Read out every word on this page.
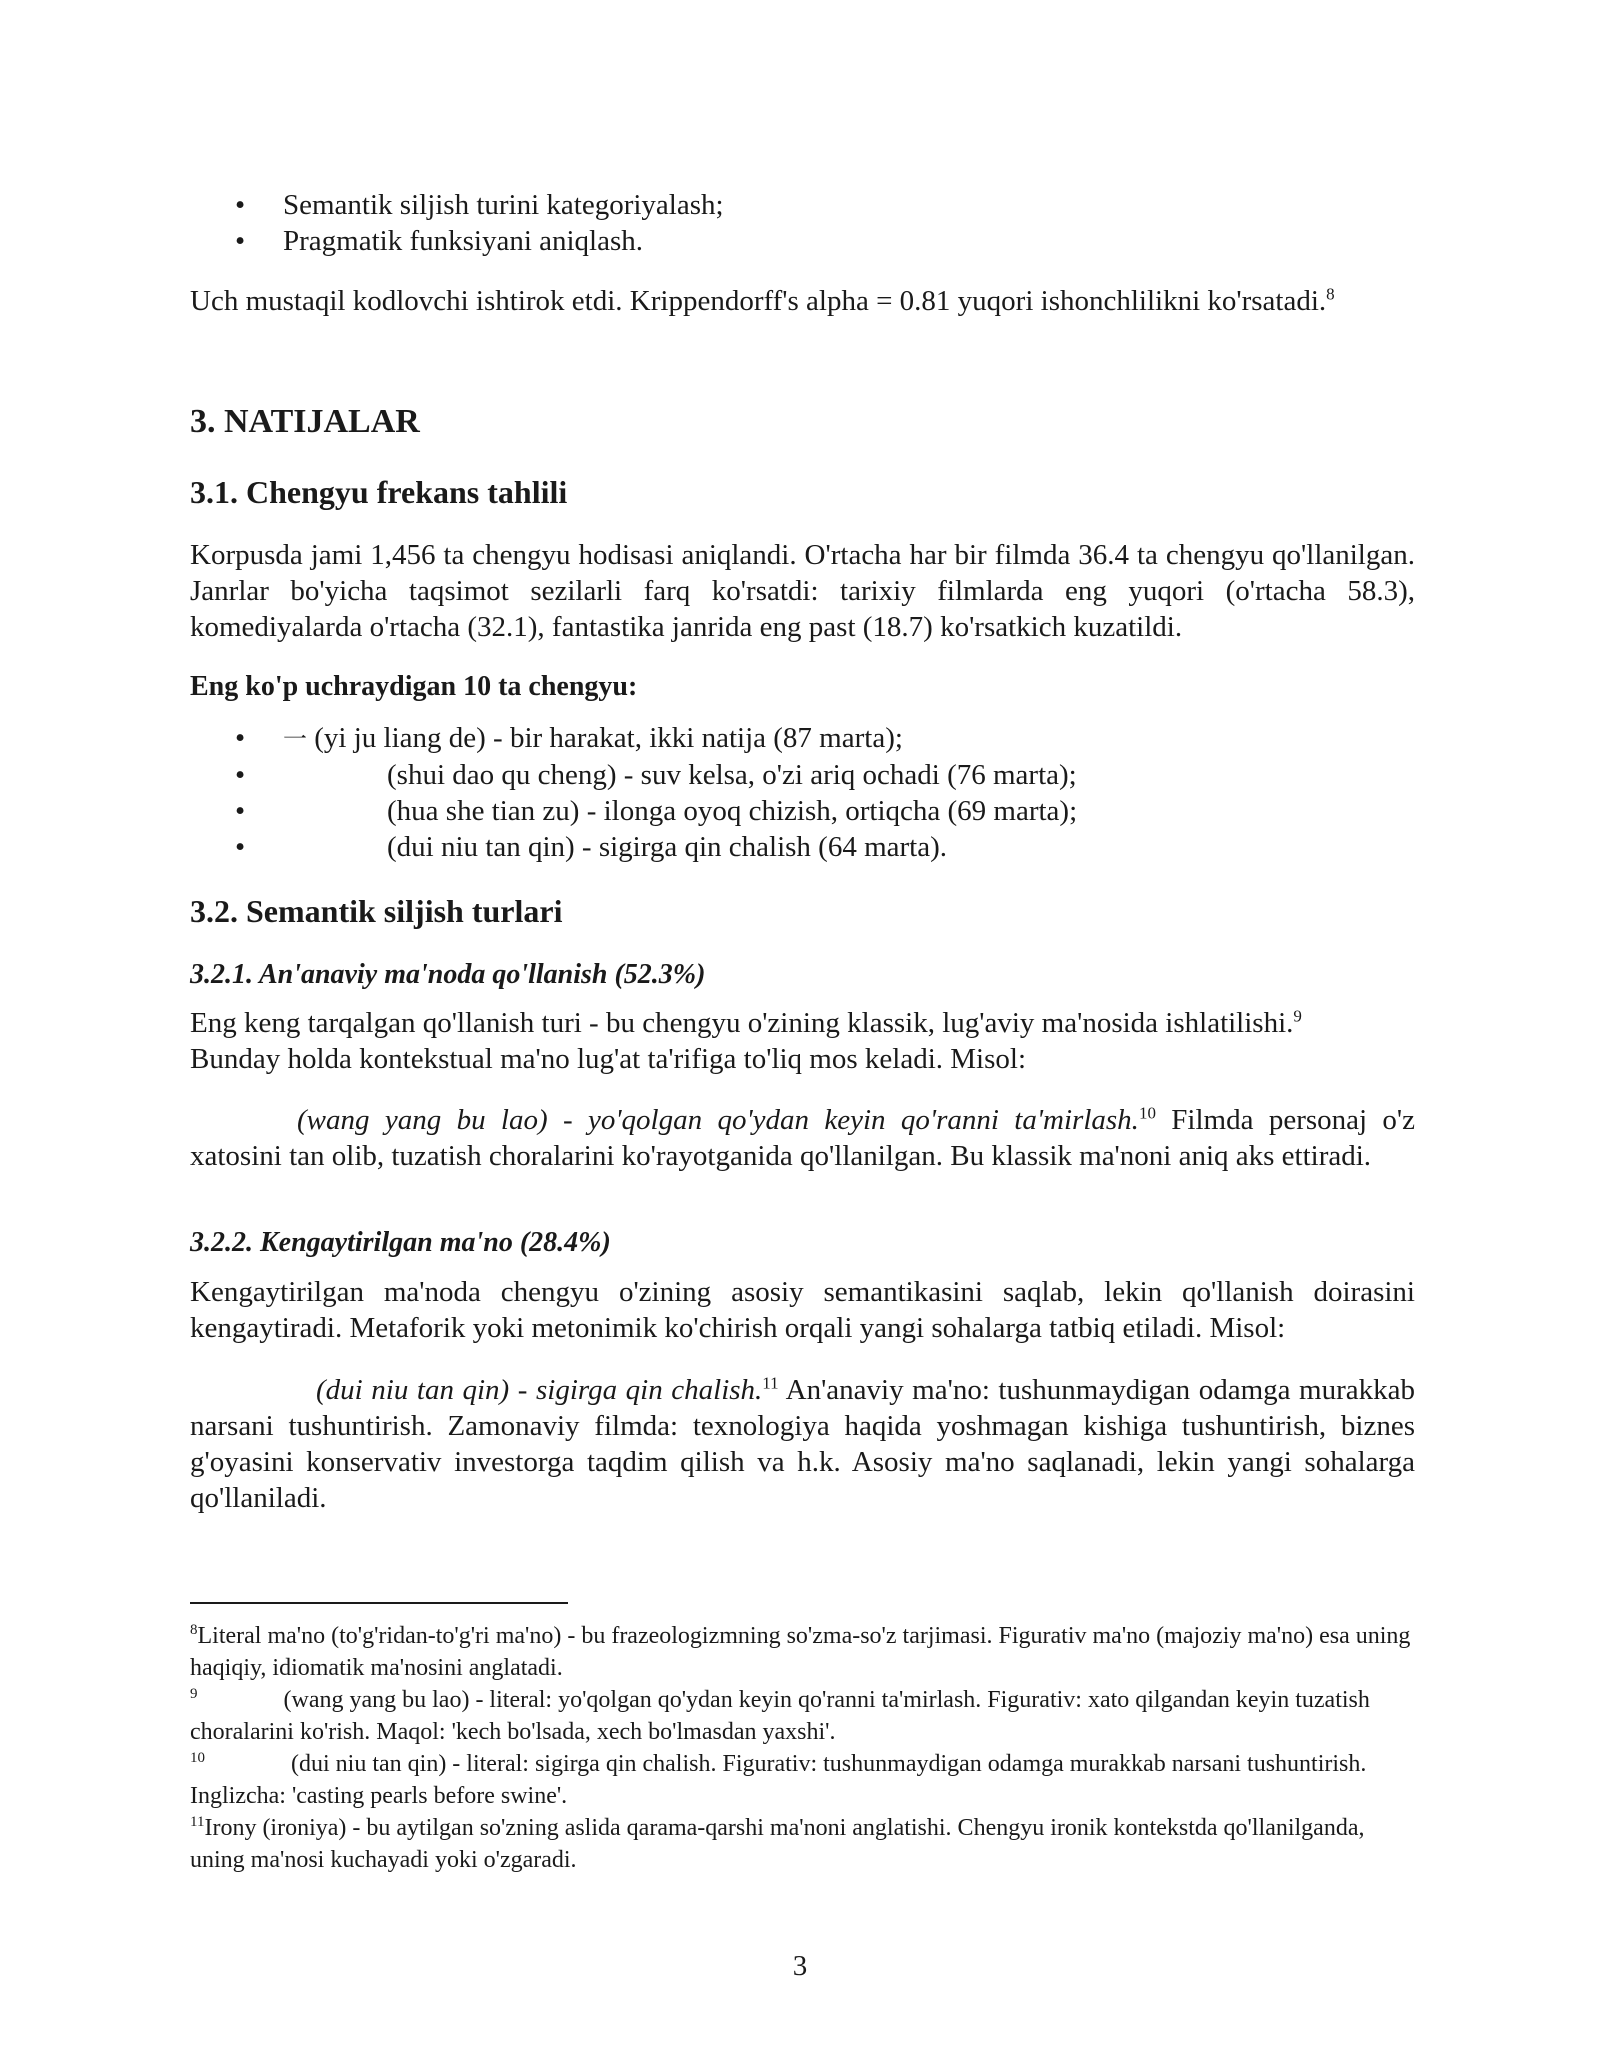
• Semantik siljish turini kategoriyalash;
• Pragmatik funksiyani aniqlash.

Uch mustaqil kodlovchi ishtirok etdi. Krippendorff's alpha = 0.81 yuqori ishonchlilikni ko'rsatadi.$^8$

3. NATIJALAR
3.1. Chengyu frekans tahlili

Korpusda jami 1,456 ta chengyu hodisasi aniqlandi. O'rtacha har bir filmda 36.4 ta chengyu qo'llanilgan. Janrlar bo'yicha taqsimot sezilarli farq ko'rsatdi: tarixiy filmlarda eng yuqori (o'rtacha 58.3), komediyalarda o'rtacha (32.1), fantastika janrida eng past (18.7) ko'rsatkich kuzatildi.

Eng ko'p uchraydigan 10 ta chengyu:

• 一 (yi ju liang de) - bir harakat, ikki natija (87 marta);
•	(shui dao qu cheng) - suv kelsa, o'zi ariq ochadi (76 marta);
•	(hua she tian zu) - ilonga oyoq chizish, ortiqcha (69 marta);
•	(dui niu tan qin) - sigirga qin chalish (64 marta).
3.2. Semantik siljish turlari
3.2.1. An'anaviy ma'noda qo'llanish (52.3%)

Eng keng tarqalgan qo'llanish turi - bu chengyu o'zining klassik, lug'aviy ma'nosida ishlatilishi.$^9$
Bunday holda kontekstual ma'no lug'at ta'rifiga to'liq mos keladi. Misol:

(wang yang bu lao) - yo'qolgan qo'ydan keyin qo'ranni ta'mirlash.$^{10}$ Filmda personaj o'z xatosini tan olib, tuzatish choralarini ko'rayotganida qo'llanilgan. Bu klassik ma'noni aniq aks ettiradi.

3.2.2. Kengaytirilgan ma'no (28.4%)

Kengaytirilgan ma'noda chengyu o'zining asosiy semantikasini saqlab, lekin qo'llanish doirasini kengaytiradi. Metaforik yoki metonimik ko'chirish orqali yangi sohalarga tatbiq etiladi. Misol:

(dui niu tan qin) - sigirga qin chalish.$^{11}$ An'anaviy ma'no: tushunmaydigan odamga murakkab narsani tushuntirish. Zamonaviy filmda: texnologiya haqida yoshmagan kishiga tushuntirish, biznes g'oyasini konservativ investorga taqdim qilish va h.k. Asosiy ma'no saqlanadi, lekin yangi sohalarga qo'llaniladi.

$^8$Literal ma'no (to'g'ridan-to'g'ri ma'no) - bu frazeologizmning so'zma-so'z tarjimasi. Figurativ ma'no (majoziy ma'no) esa uning haqiqiy, idiomatik ma'nosini anglatadi.

$^9$	(wang yang bu lao) - literal: yo'qolgan qo'ydan keyin qo'ranni ta'mirlash. Figurativ: xato qilgandan keyin tuzatish choralarini ko'rish. Maqol: 'kech bo'lsada, xech bo'lmasdan yaxshi'.

$^{10}$	(dui niu tan qin) - literal: sigirga qin chalish. Figurativ: tushunmaydigan odamga murakkab narsani tushuntirish. Inglizcha: 'casting pearls before swine'.

$^{11}$Irony (ironiya) - bu aytilgan so'zning aslida qarama-qarshi ma'noni anglatishi. Chengyu ironik kontekstda qo'llanilganda, uning ma'nosi kuchayadi yoki o'zgaradi.

3
